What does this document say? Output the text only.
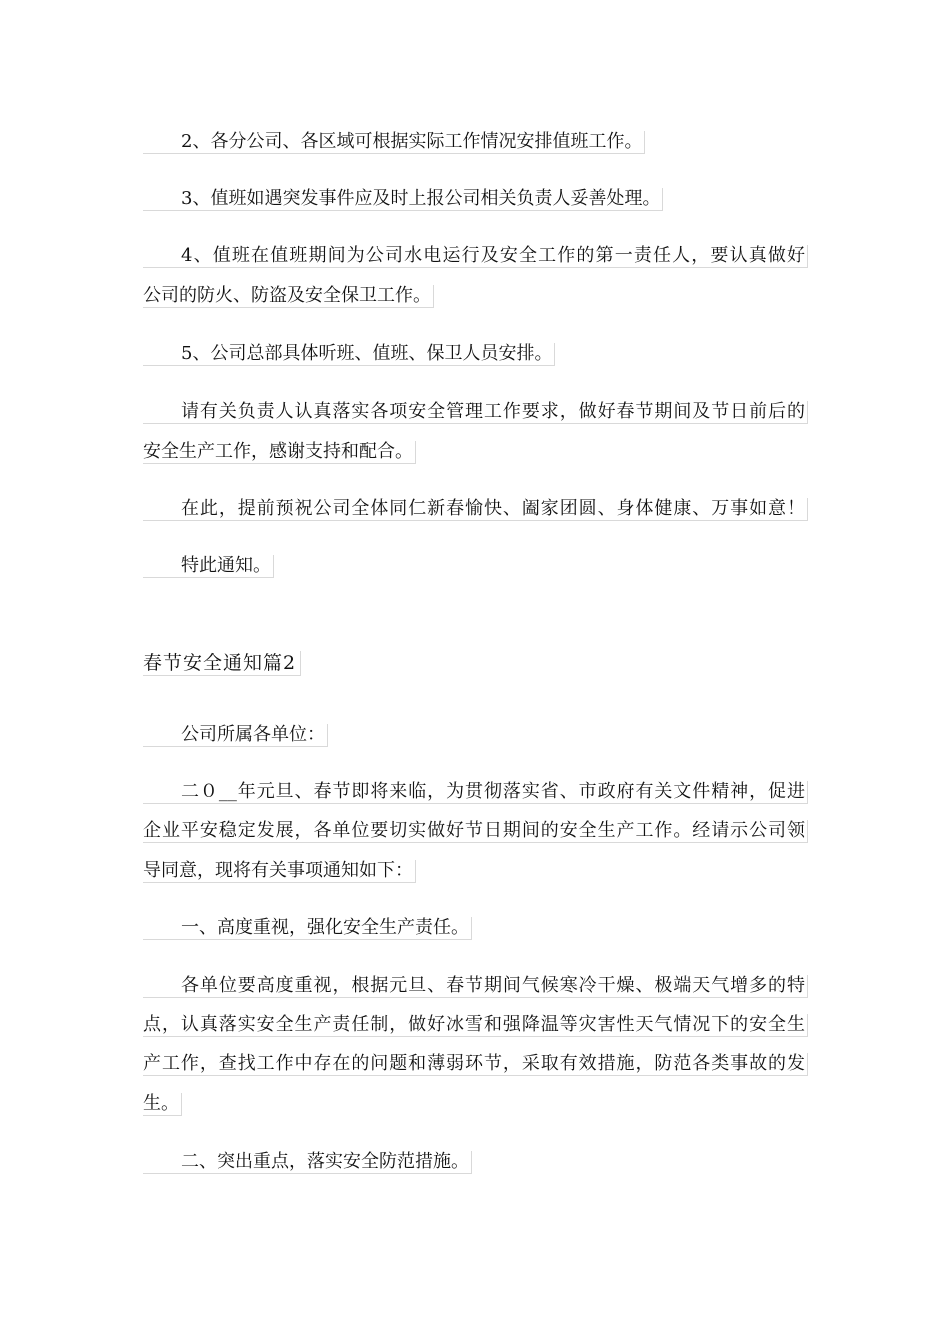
2、各分公司、各区域可根据实际工作情况安排值班工作。
3、值班如遇突发事件应及时上报公司相关负责人妥善处理。
4、值班在值班期间为公司水电运行及安全工作的第一责任人，要认真做好
公司的防火、防盗及安全保卫工作。
5、公司总部具体听班、值班、保卫人员安排。
请有关负责人认真落实各项安全管理工作要求，做好春节期间及节日前后的
安全生产工作，感谢支持和配合。
在此，提前预祝公司全体同仁新春愉快、阖家团圆、身体健康、万事如意！
特此通知。
春节安全通知篇2
公司所属各单位：
二０__年元旦、春节即将来临，为贯彻落实省、市政府有关文件精神，促进
企业平安稳定发展，各单位要切实做好节日期间的安全生产工作。经请示公司领
导同意，现将有关事项通知如下：
一、高度重视，强化安全生产责任。
各单位要高度重视，根据元旦、春节期间气候寒冷干燥、极端天气增多的特
点，认真落实安全生产责任制，做好冰雪和强降温等灾害性天气情况下的安全生
产工作，查找工作中存在的问题和薄弱环节，采取有效措施，防范各类事故的发
生。
二、突出重点，落实安全防范措施。
